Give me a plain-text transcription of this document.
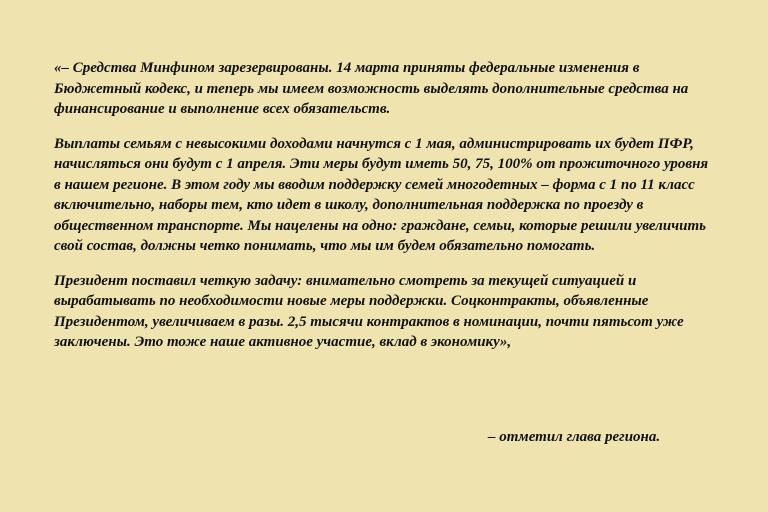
«– Средства Минфином зарезервированы. 14 марта приняты федеральные изменения в Бюджетный кодекс, и теперь мы имеем возможность выделять дополнительные средства на финансирование и выполнение всех обязательств.

Выплаты семьям с невысокими доходами начнутся с 1 мая, администрировать их будет ПФР, начисляться они будут с 1 апреля. Эти меры будут иметь 50, 75, 100% от прожиточного уровня в нашем регионе. В этом году мы вводим поддержку семей многодетных – форма с 1 по 11 класс включительно, наборы тем, кто идет в школу, дополнительная поддержка по проезду в общественном транспорте. Мы нацелены на одно: граждане, семьи, которые решили увеличить свой состав, должны четко понимать, что мы им будем обязательно помогать.

Президент поставил четкую задачу: внимательно смотреть за текущей ситуацией и вырабатывать по необходимости новые меры поддержки. Соцконтракты, объявленные Президентом, увеличиваем в разы. 2,5 тысячи контрактов в номинации, почти пятьсот уже заключены. Это тоже наше активное участие, вклад в экономику»,

– отметил глава региона.
